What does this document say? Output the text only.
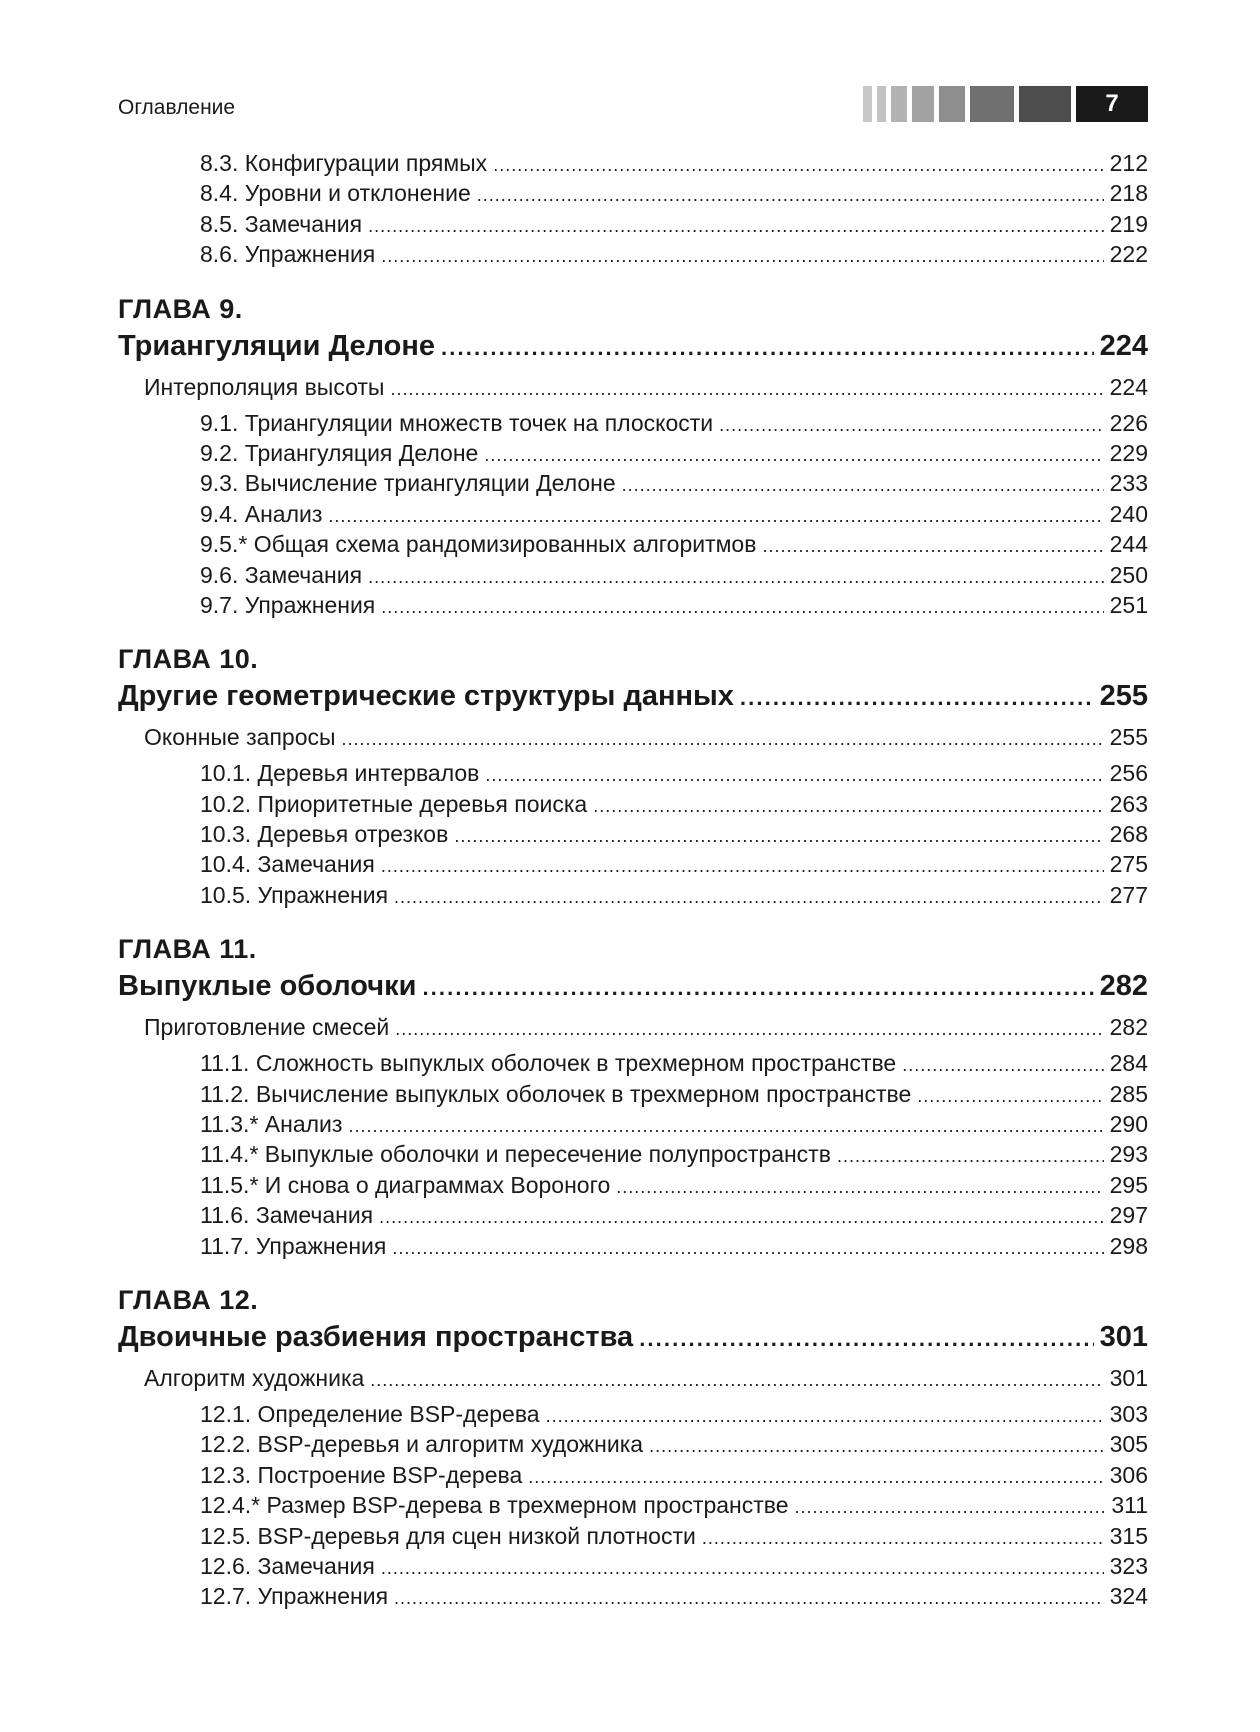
Оглавление	7
8.3. Конфигурации прямых . . .	212
8.4. Уровни и отклонение . . .	218
8.5. Замечания . . .	219
8.6. Упражнения . . .	222
ГЛАВА 9.
Триангуляции Делоне . . .	224
Интерполяция высоты . . .	224
9.1. Триангуляции множеств точек на плоскости . . .	226
9.2. Триангуляция Делоне . . .	229
9.3. Вычисление триангуляции Делоне . . .	233
9.4. Анализ . . .	240
9.5.* Общая схема рандомизированных алгоритмов . . .	244
9.6. Замечания . . .	250
9.7. Упражнения . . .	251
ГЛАВА 10.
Другие геометрические структуры данных . . .	255
Оконные запросы . . .	255
10.1. Деревья интервалов . . .	256
10.2. Приоритетные деревья поиска . . .	263
10.3. Деревья отрезков . . .	268
10.4. Замечания . . .	275
10.5. Упражнения . . .	277
ГЛАВА 11.
Выпуклые оболочки . . .	282
Приготовление смесей . . .	282
11.1. Сложность выпуклых оболочек в трехмерном пространстве . . .	284
11.2. Вычисление выпуклых оболочек в трехмерном пространстве . . .	285
11.3.* Анализ . . .	290
11.4.* Выпуклые оболочки и пересечение полупространств . . .	293
11.5.* И снова о диаграммах Вороного . . .	295
11.6. Замечания . . .	297
11.7. Упражнения . . .	298
ГЛАВА 12.
Двоичные разбиения пространства . . .	301
Алгоритм художника . . .	301
12.1. Определение BSP-дерева . . .	303
12.2. BSP-деревья и алгоритм художника . . .	305
12.3. Построение BSP-дерева . . .	306
12.4.* Размер BSP-дерева в трехмерном пространстве . . .	311
12.5. BSP-деревья для сцен низкой плотности . . .	315
12.6. Замечания . . .	323
12.7. Упражнения . . .	324
